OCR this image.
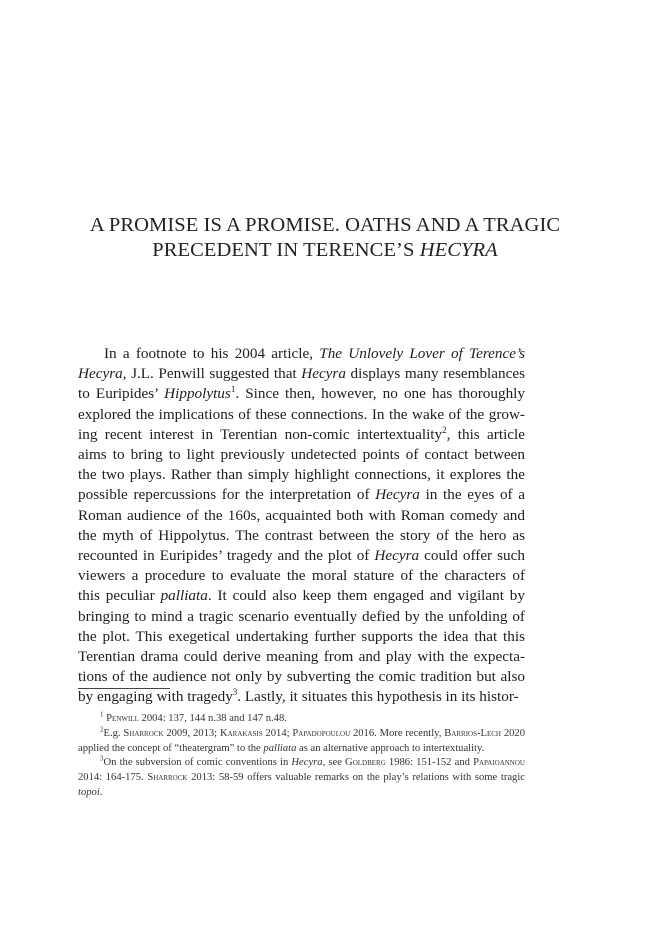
A PROMISE IS A PROMISE. OATHS AND A TRAGIC
PRECEDENT IN TERENCE’S HECYRA

In a footnote to his 2004 article, The Unlovely Lover of Terence’s

Hecyra, J.L. Penwill suggested that Hecyra displays many resemblances

to Euripides’ Hippolytus$^1$. Since then, however, no one has thoroughly

explored the implications of these connections. In the wake of the grow-

ing recent interest in Terentian non-comic intertextuality$^2$, this article

aims to bring to light previously undetected points of contact between

the two plays. Rather than simply highlight connections, it explores the

possible repercussions for the interpretation of Hecyra in the eyes of a

Roman audience of the 160s, acquainted both with Roman comedy and

the myth of Hippolytus. The contrast between the story of the hero as

recounted in Euripides’ tragedy and the plot of Hecyra could offer such

viewers a procedure to evaluate the moral stature of the characters of

this peculiar palliata. It could also keep them engaged and vigilant by

bringing to mind a tragic scenario eventually defied by the unfolding of

the plot. This exegetical undertaking further supports the idea that this

Terentian drama could derive meaning from and play with the expecta-

tions of the audience not only by subverting the comic tradition but also

by engaging with tragedy$^3$. Lastly, it situates this hypothesis in its histor-

$^1$ Penwill 2004: 137, 144 n.38 and 147 n.48.

$^2$E.g. Sharrock 2009, 2013; Karakasis 2014; Papadopoulou 2016. More recently, Barrios-Lech 2020 applied the concept of “theatergram” to the palliata as an alternative approach to intertextuality.

$^3$On the subversion of comic conventions in Hecyra, see Goldberg 1986: 151-152 and Papaioannou 2014: 164-175. Sharrock 2013: 58-59 offers valuable remarks on the play’s relations with some tragic topoi.
